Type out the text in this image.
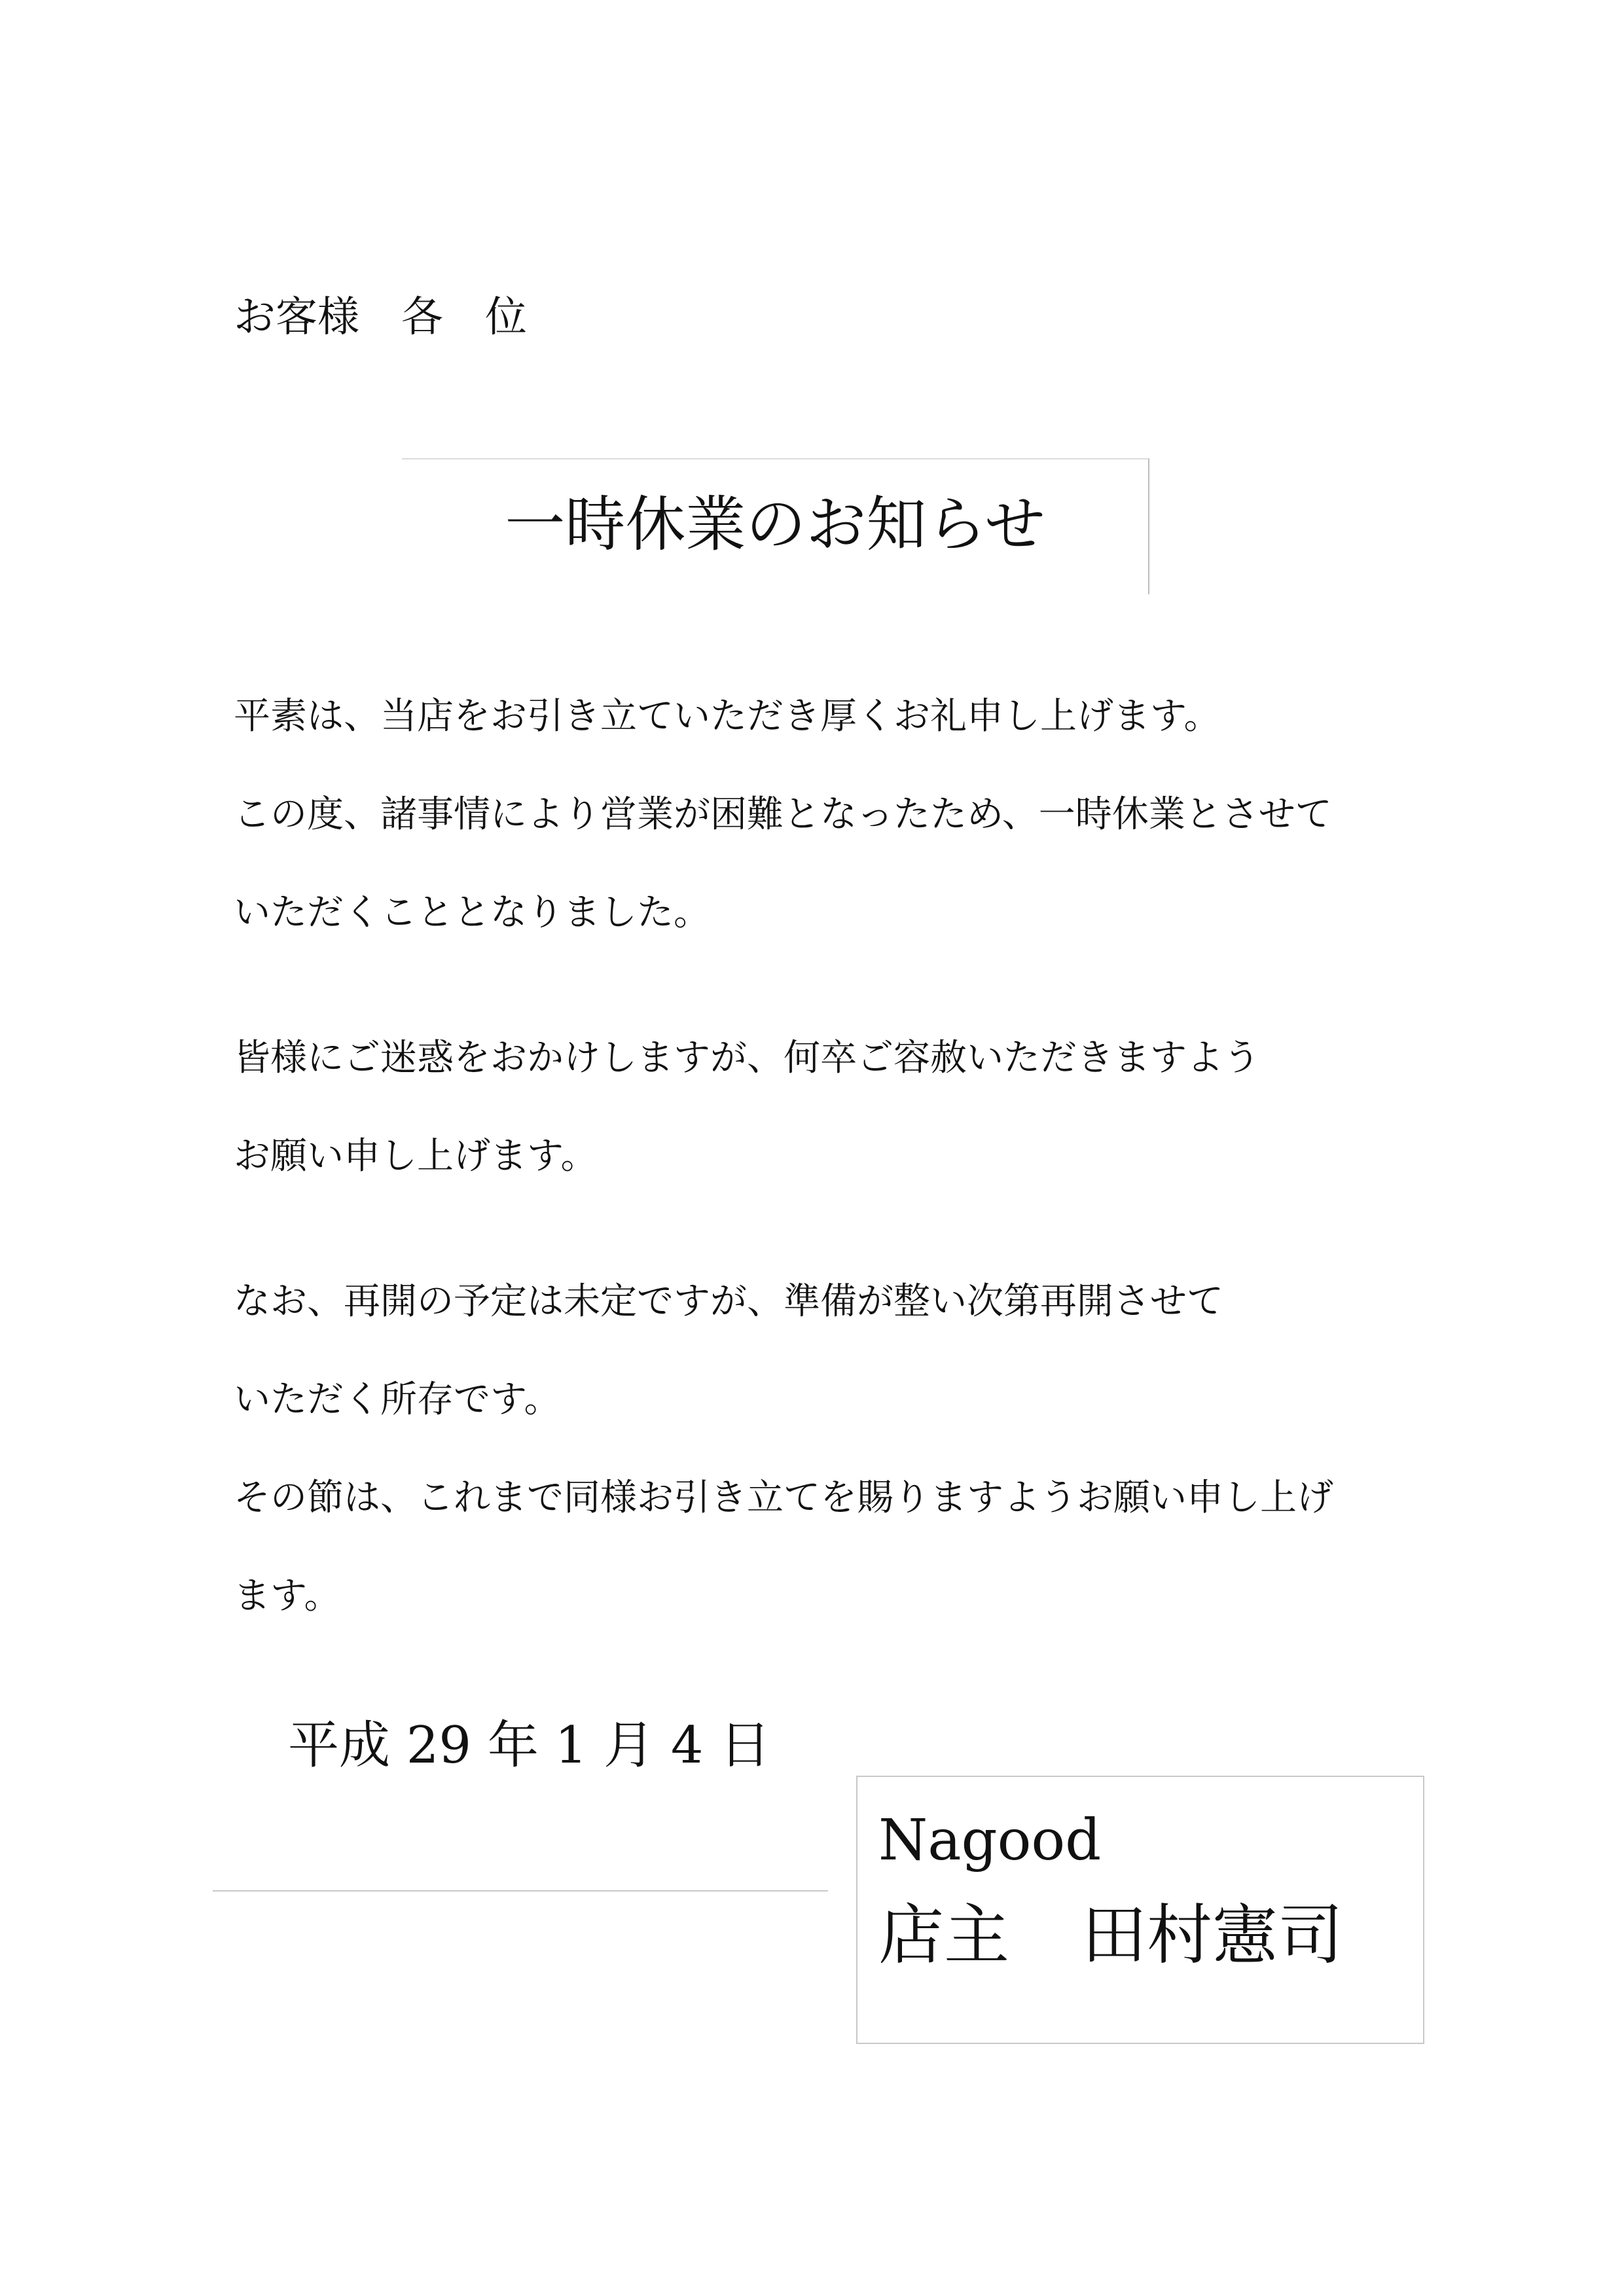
お客様　各　位
一時休業のお知らせ
平素は、当店をお引き立ていただき厚くお礼申し上げます。
この度、諸事情により営業が困難となったため、一時休業とさせて
いただくこととなりました。
皆様にご迷惑をおかけしますが、何卒ご容赦いただきますよう
お願い申し上げます。
なお、再開の予定は未定ですが、準備が整い次第再開させて
いただく所存です。
その節は、これまで同様お引き立てを賜りますようお願い申し上げ
ます。
平成 29 年 1 月 4 日
Nagood
店主 田村憲司
